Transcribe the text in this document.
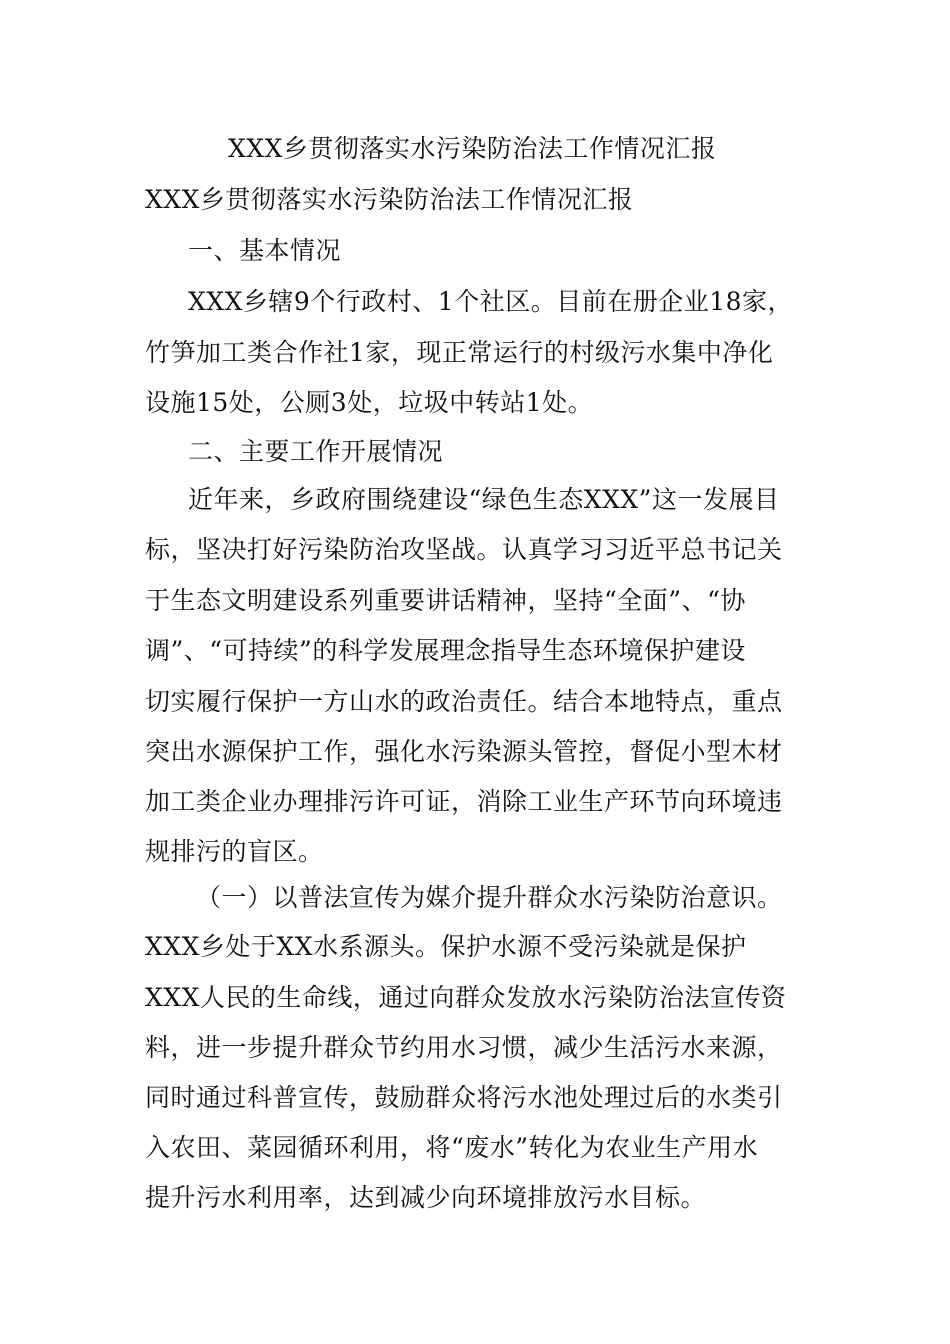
XXX乡贯彻落实水污染防治法工作情况汇报
XXX乡贯彻落实水污染防治法工作情况汇报
一、基本情况
XXX乡辖9个行政村、1个社区。目前在册企业18家，
竹笋加工类合作社1家，现正常运行的村级污水集中净化
设施15处，公厕3处，垃圾中转站1处。
二、主要工作开展情况
近年来，乡政府围绕建设“绿色生态XXX”这一发展目
标，坚决打好污染防治攻坚战。认真学习习近平总书记关
于生态文明建设系列重要讲话精神，坚持“全面”、“协
调”、“可持续”的科学发展理念指导生态环境保护建设
切实履行保护一方山水的政治责任。结合本地特点，重点
突出水源保护工作，强化水污染源头管控，督促小型木材
加工类企业办理排污许可证，消除工业生产环节向环境违
规排污的盲区。
（一）以普法宣传为媒介提升群众水污染防治意识。
XXX乡处于XX水系源头。保护水源不受污染就是保护
XXX人民的生命线，通过向群众发放水污染防治法宣传资
料，进一步提升群众节约用水习惯，减少生活污水来源，
同时通过科普宣传，鼓励群众将污水池处理过后的水类引
入农田、菜园循环利用，将“废水”转化为农业生产用水
提升污水利用率，达到减少向环境排放污水目标。
